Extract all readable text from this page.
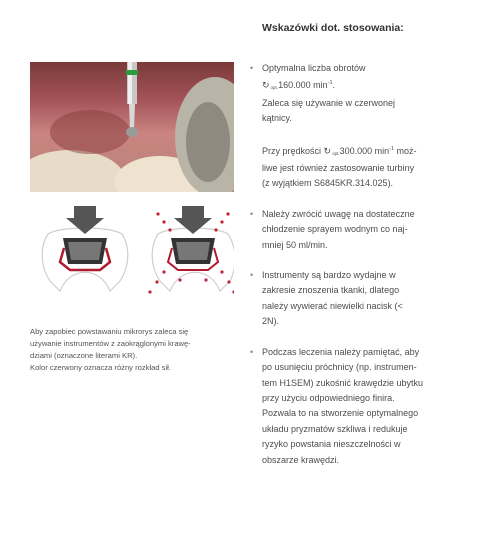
Aby zapobiec powstawaniu mikrorys zaleca się
używanie instrumentów z zaokrąglonymi krawę-
dziami (oznaczone literami KR).
Kolor czerwony oznacza różny rozkład sił.
Wskazówki dot. stosowania:
• Optymalna liczba obrotów
↻opt.160.000 $\min^{-1}$.
Zaleca się używanie w czerwonej
kątnicy.
Przy prędkości ↻opt.300.000 $\min^{-1}$ moż-
liwe jest również zastosowanie turbiny
(z wyjątkiem S6845KR.314.025).
• Należy zwrócić uwagę na dostateczne
chłodzenie sprayem wodnym co naj-
mniej 50 ml/min.
• Instrumenty są bardzo wydajne w
zakresie znoszenia tkanki, dlatego
należy wywierać niewielki nacisk (<
2N).
• Podczas leczenia należy pamiętać, aby
po usunięciu próchnicy (np. instrumen-
tem H1SEM) zukośnić krawędzie ubytku
przy użyciu odpowiedniego finira.
Pozwala to na stworzenie optymalnego
układu pryzmatów szkliwa i redukuje
ryzyko powstania nieszczelności w
obszarze krawędzi.
